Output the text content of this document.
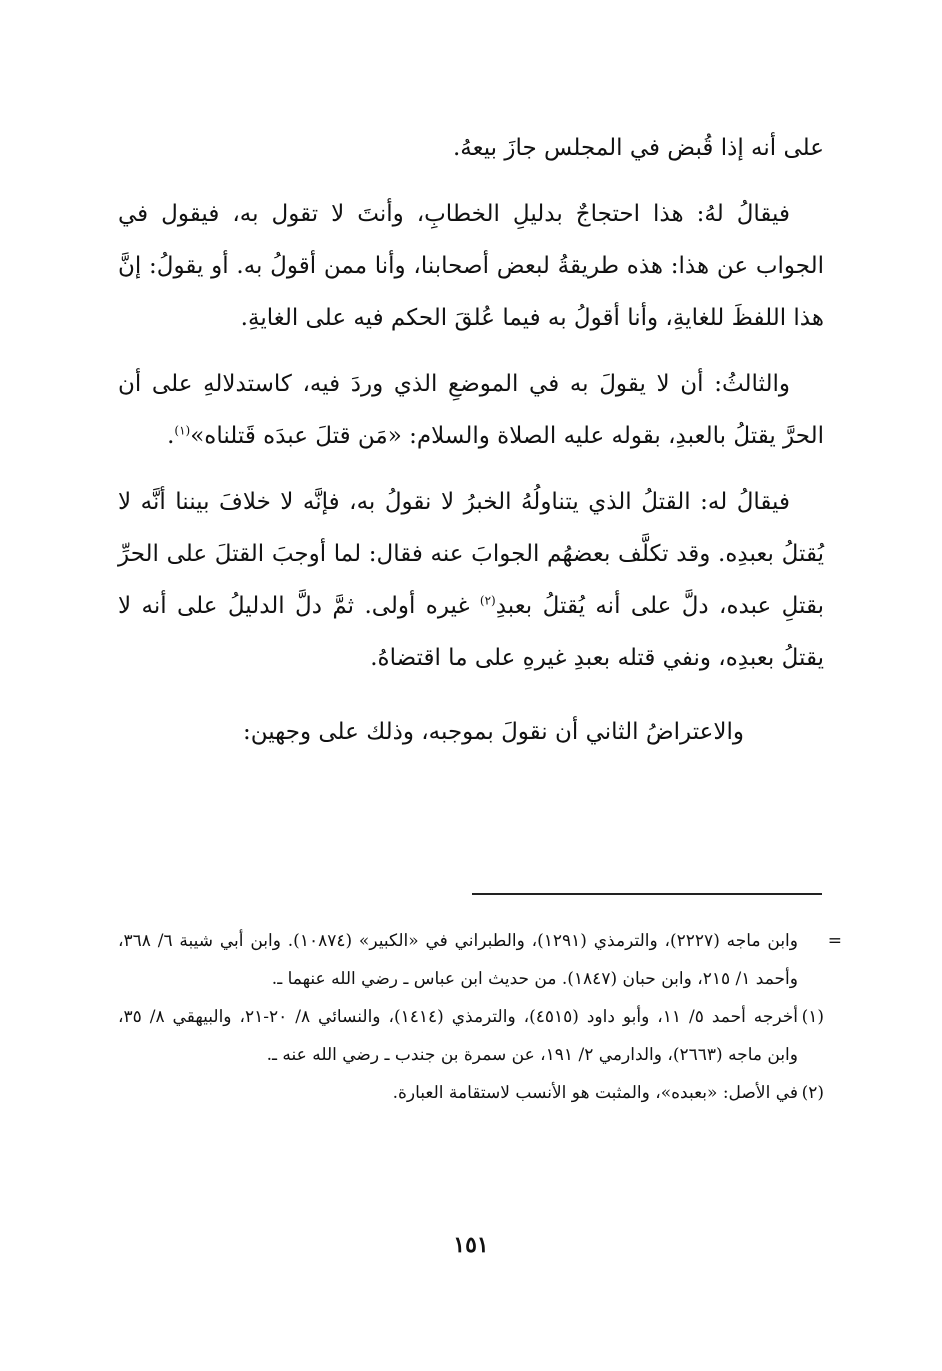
على أنه إذا قُبض في المجلس جازَ بيعهُ.

فيقالُ لهُ: هذا احتجاجٌ بدليلِ الخطابِ، وأنتَ لا تقول به، فيقول في الجواب عن هذا: هذه طريقةُ لبعض أصحابنا، وأنا ممن أقولُ به. أو يقولُ: إنَّ هذا اللفظَ للغايةِ، وأنا أقولُ به فيما عُلقَ الحكم فيه على الغايةِ.

والثالثُ: أن لا يقولَ به في الموضعِ الذي وردَ فيه، كاستدلالهِ على أن الحرَّ يقتلُ بالعبدِ، بقوله عليه الصلاة والسلام: «مَن قتلَ عبدَه قَتلناه»$^{(١)}$.

فيقالُ له: القتلُ الذي يتناولُهُ الخبرُ لا نقولُ به، فإنَّه لا خلافَ بيننا أنَّه لا يُقتلُ بعبدِه. وقد تكلَّف بعضهُم الجوابَ عنه فقال: لما أوجبَ القتلَ على الحرِّ بقتلِ عبده، دلَّ على أنه يُقتلُ بعبدِ$^{(٢)}$ غيره أولى. ثمَّ دلَّ الدليلُ على أنه لا يقتلُ بعبدِه، ونفي قتله بعبدِ غيرهِ على ما اقتضاهُ.

والاعتراضُ الثاني أن نقولَ بموجبه، وذلك على وجهين:

=
وابن ماجه (٢٢٢٧)، والترمذي (١٢٩١)، والطبراني في «الكبير» (١٠٨٧٤). وابن أبي شيبة ٦/ ٣٦٨، وأحمد ١/ ٢١٥، وابن حبان (١٨٤٧). من حديث ابن عباس ـ رضي الله عنهما ـ.
(١)
أخرجه أحمد ٥/ ١١، وأبو داود (٤٥١٥)، والترمذي (١٤١٤)، والنسائي ٨/ ٢٠-٢١، والبيهقي ٨/ ٣٥، وابن ماجه (٢٦٦٣)، والدارمي ٢/ ١٩١، عن سمرة بن جندب ـ رضي الله عنه ـ.
(٢)
في الأصل: «بعبده»، والمثبت هو الأنسب لاستقامة العبارة.
١٥١
